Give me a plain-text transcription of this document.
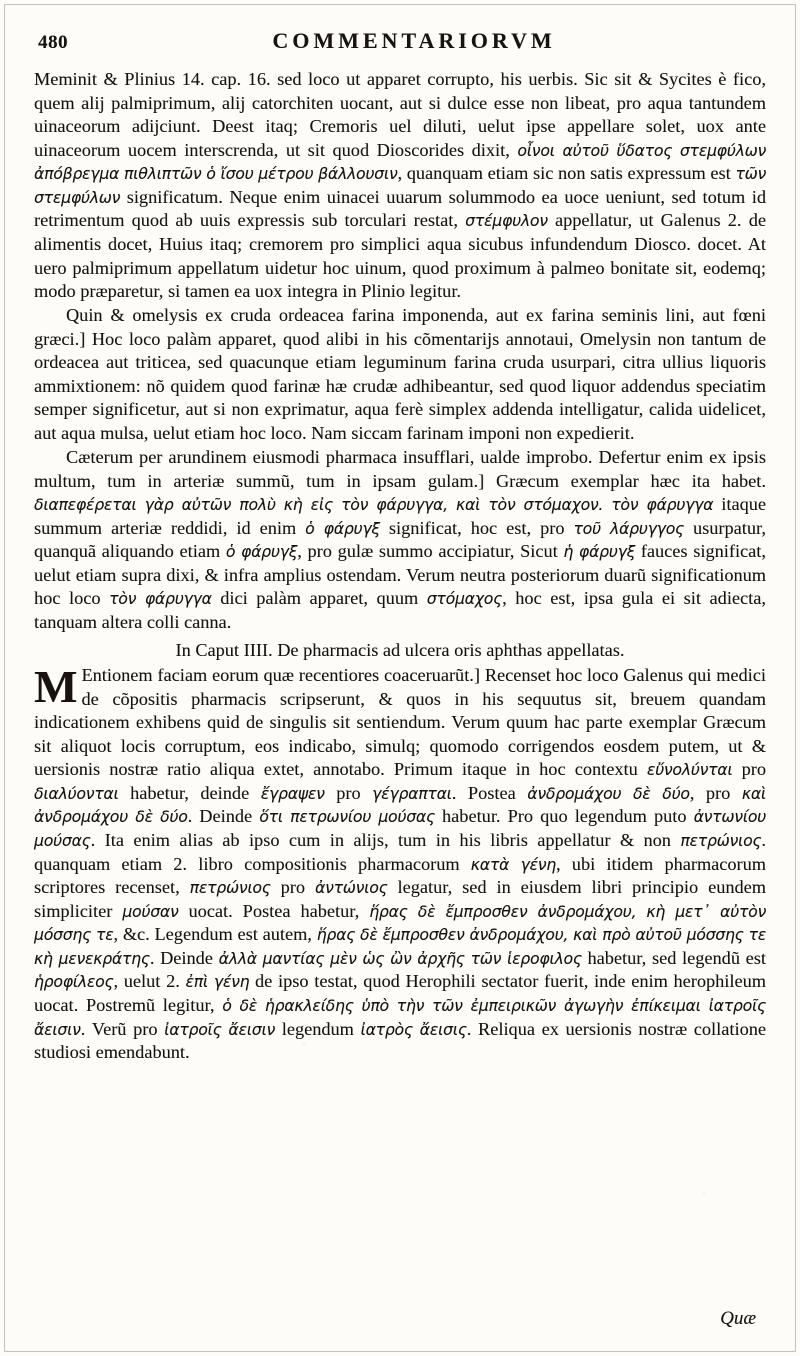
480	COMMENTARIORVM

Meminit & Plinius 14. cap. 16. sed loco ut apparet corrupto, his uerbis. Sic sit & Sycites è fico, quem alij palmiprimum, alij catorchiten uocant, aut si dulce esse non libeat, pro aqua tantundem uinaceorum adijciunt. Deest itaq; Cremoris uel diluti, uelut ipse appellare solet, uox ante uinaceorum uocem interscrenda, ut sit quod Dioscorides dixit, οἶνοι αὐτοῦ ὕδατος στεμφύλων ἀπόβρεγμα πιθλιπτῶν ὁ ἴσου μέτρου βάλλουσιν, quanquam etiam sic non satis expressum est τῶν στεμφύλων significatum. Neque enim uinacei uuarum solummodo ea uoce ueniunt, sed totum id retrimentum quod ab uuis expressis sub torculari restat, στέμφυλον appellatur, ut Galenus 2. de alimentis docet, Huius itaq; cremorem pro simplici aqua sicubus infundendum Diosco. docet. At uero palmiprimum appellatum uidetur hoc uinum, quod proximum à palmeo bonitate sit, eodemq; modo præparetur, si tamen ea uox integra in Plinio legitur.

Quin & omelysis ex cruda ordeacea farina imponenda, aut ex farina seminis lini, aut fœni græci.] Hoc loco palàm apparet, quod alibi in his cõmentarijs annotaui, Omelysin non tantum de ordeacea aut triticea, sed quacunque etiam leguminum farina cruda usurpari, citra ullius liquoris ammixtionem: nõ quidem quod farinæ hæ crudæ adhibeantur, sed quod liquor addendus speciatim semper significetur, aut si non exprimatur, aqua ferè simplex addenda intelligatur, calida uidelicet, aut aqua mulsa, uelut etiam hoc loco. Nam siccam farinam imponi non expedierit.

Cæterum per arundinem eiusmodi pharmaca insufflari, ualde improbo. Defertur enim ex ipsis multum, tum in arteriæ summũ, tum in ipsam gulam.] Græcum exemplar hæc ita habet. διαπεφέρεται γὰρ αὐτῶν πολὺ κὴ εἰς τὸν φάρυγγα, καὶ τὸν στόμαχον. τὸν φάρυγγα itaque summum arteriæ reddidi, id enim ὁ φάρυγξ significat, hoc est, pro τοῦ λάρυγγος usurpatur, quanquã aliquando etiam ὁ φάρυγξ, pro gulæ summo accipiatur, Sicut ἡ φάρυγξ fauces significat, uelut etiam supra dixi, & infra amplius ostendam. Verum neutra posteriorum duarũ significationum hoc loco τὸν φάρυγγα dici palàm apparet, quum στόμαχος, hoc est, ipsa gula ei sit adiecta, tanquam altera colli canna.

In Caput IIII. De pharmacis ad ulcera oris aphthas appellatas.
M Entionem faciam eorum quæ recentiores coaceruarũt.] Recenset hoc loco Galenus qui medici de cõpositis pharmacis scripserunt, & quos in his sequutus sit, breuem quandam indicationem exhibens quid de singulis sit sentiendum. Verum quum hac parte exemplar Græcum sit aliquot locis corruptum, eos indicabo, simulq; quomodo corrigendos eosdem putem, ut & uersionis nostræ ratio aliqua extet, annotabo. Primum itaque in hoc contextu εὔνολύνται pro διαλύονται habetur, deinde ἔγραψεν pro γέγραπται. Postea ἀνδρομάχου δὲ δύο, pro καὶ ἀνδρομάχου δὲ δύο. Deinde ὅτι πετρωνίου μούσας habetur. Pro quo legendum puto ἀντωνίου μούσας. Ita enim alias ab ipso cum in alijs, tum in his libris appellatur & non πετρώνιος. quanquam etiam 2. libro compositionis pharmacorum κατὰ γένη, ubi itidem pharmacorum scriptores recenset, πετρώνιος pro ἀντώνιος legatur, sed in eiusdem libri principio eundem simpliciter μούσαν uocat. Postea habetur, ἥρας δὲ ἔμπροσθεν ἀνδρομάχου, κὴ μετ᾽ αὐτὸν μόσσης τε, &c. Legendum est autem, ἥρας δὲ ἔμπροσθεν ἀνδρομάχου, καὶ πρὸ αὐτοῦ μόσσης τε κὴ μενεκράτης. Deinde ἀλλὰ μαντίας μὲν ὡς ὢν ἀρχῆς τῶν ἱεροφιλος habetur, sed legendũ est ἡροφίλεος, uelut 2. ἐπὶ γένη de ipso testat, quod Herophili sectator fuerit, inde enim herophileum uocat. Postremũ legitur, ὁ δὲ ἡρακλείδης ὑπὸ τὴν τῶν ἐμπειρικῶν ἀγωγὴν ἐπίκειμαι ἰατροῖς ἄεισιν. Verũ pro ἰατροῖς ἄεισιν legendum ἰατρὸς ἄεισις. Reliqua ex uersionis nostræ collatione studiosi emendabunt.
Quæ
